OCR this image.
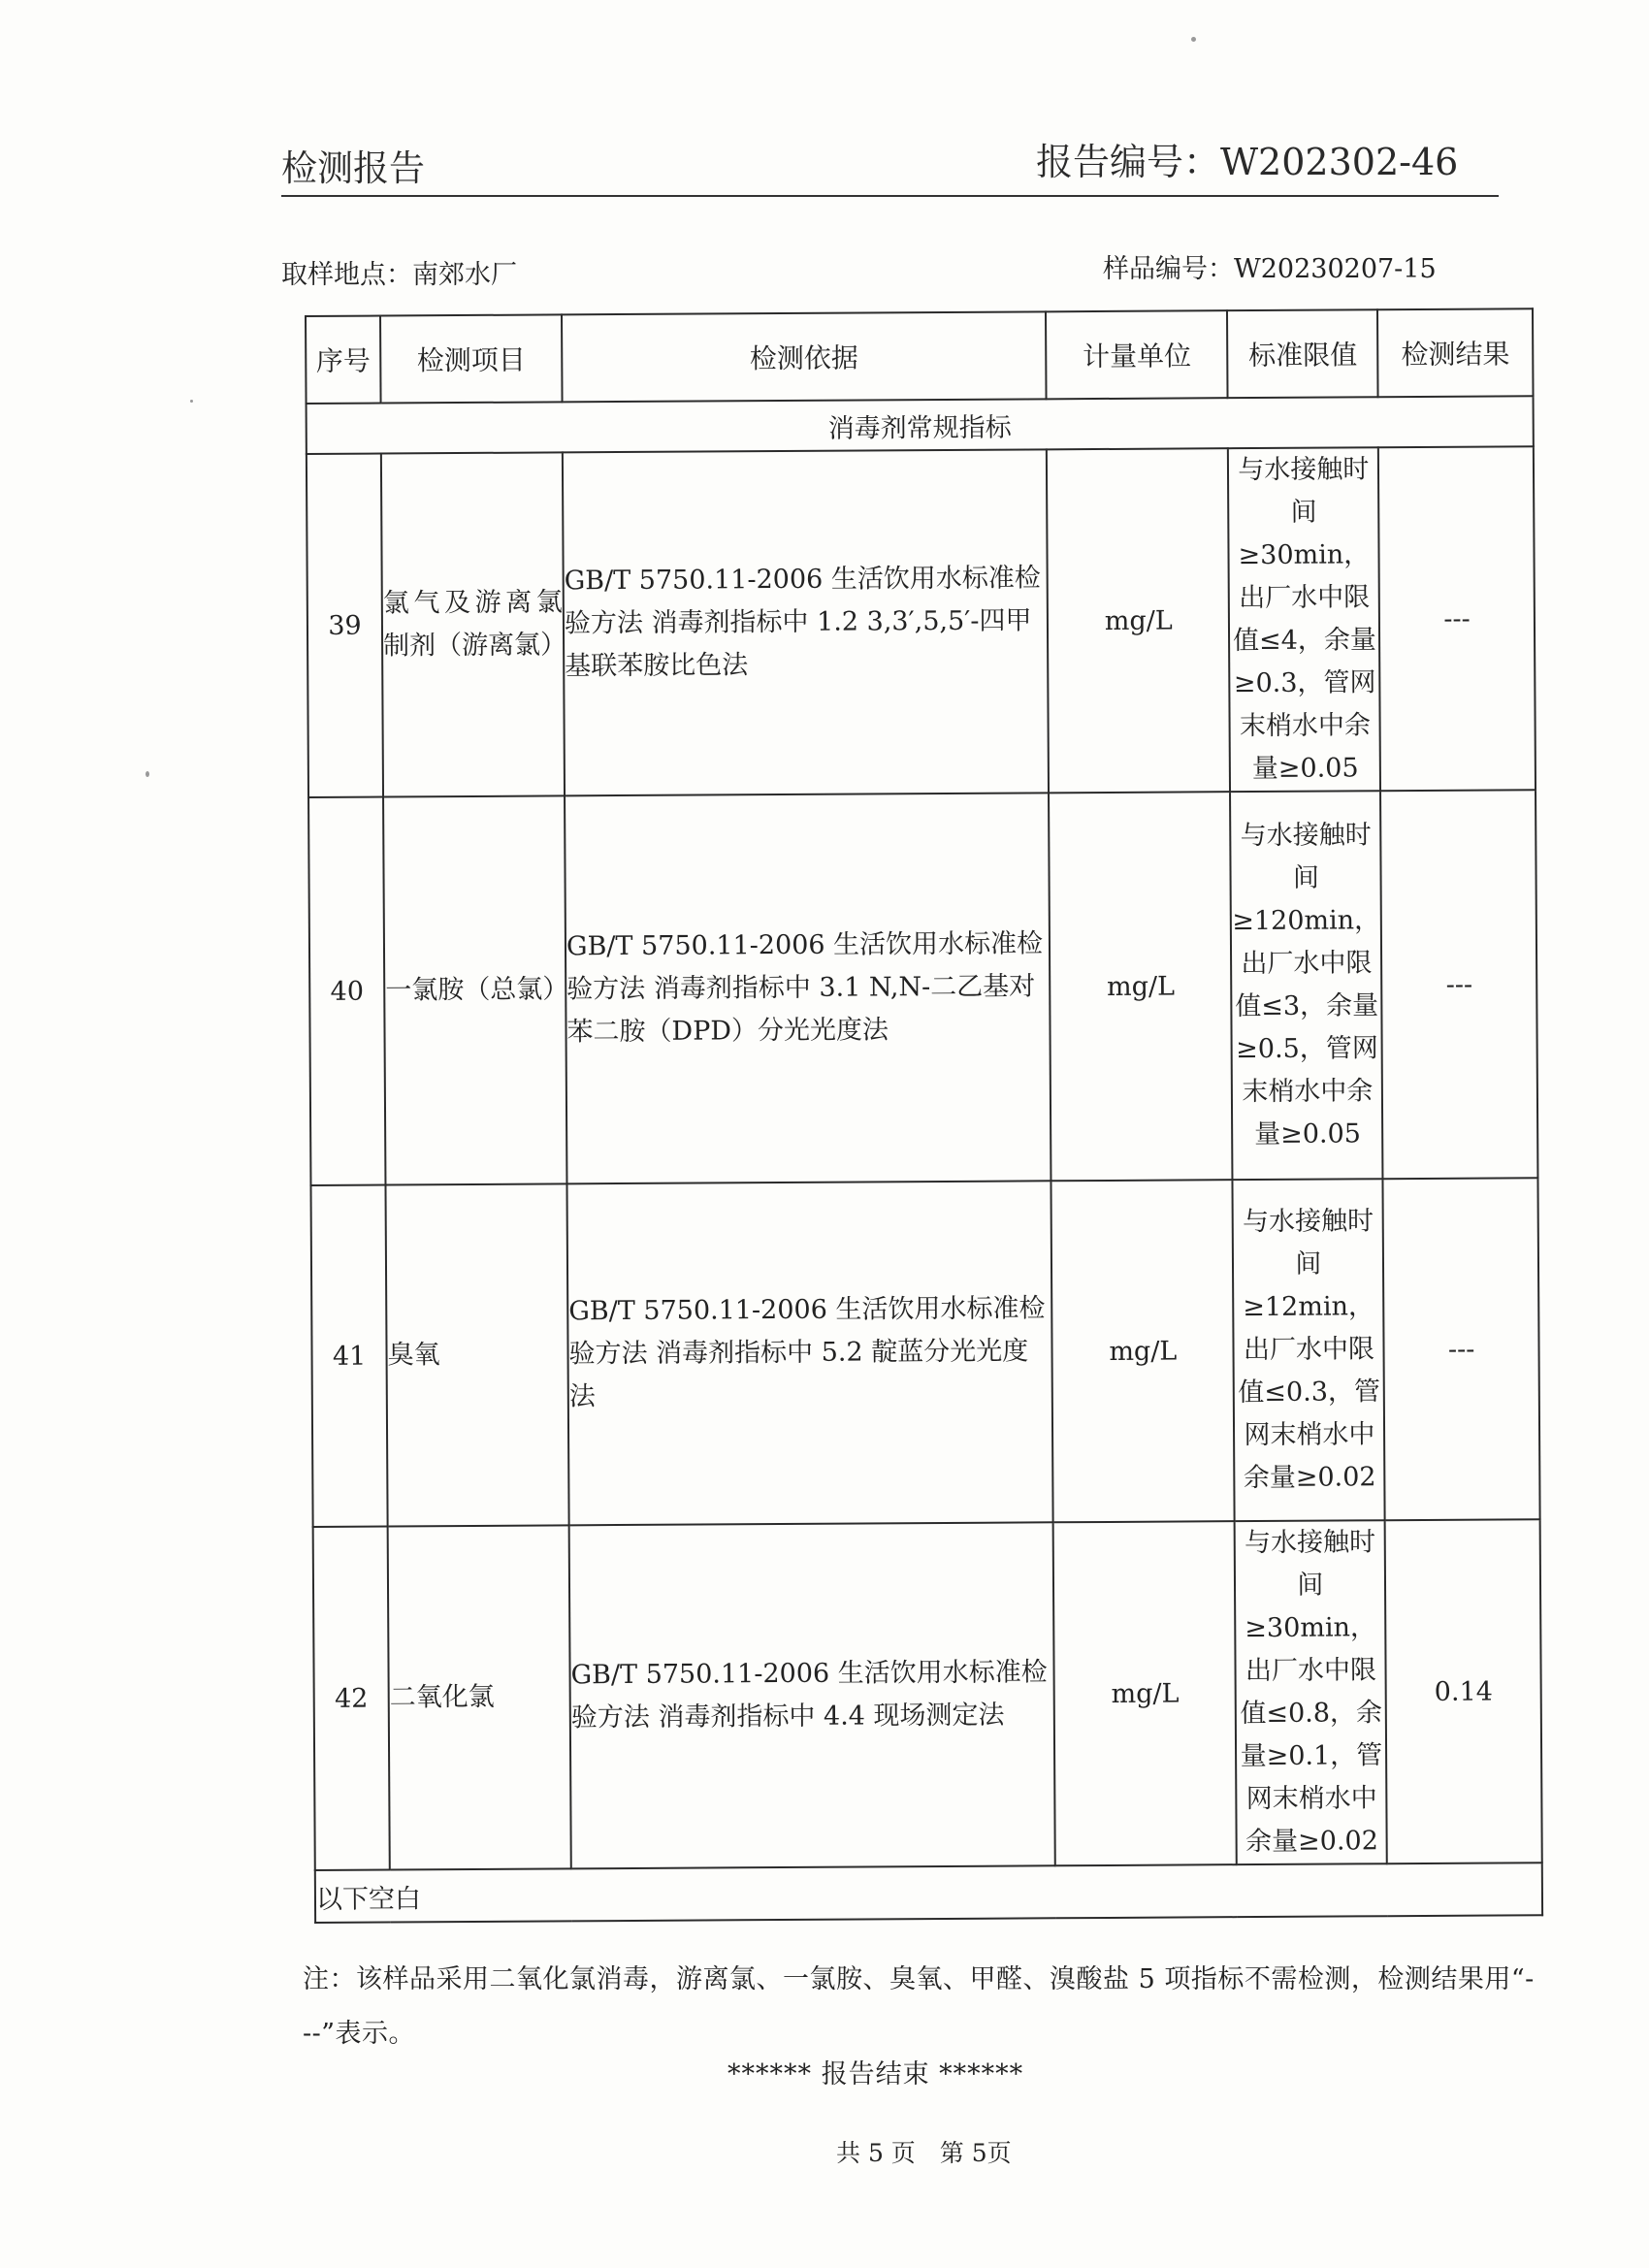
检测报告	报告编号：W202302-46
取样地点：南郊水厂	样品编号：W20230207-15
序号	检测项目	检测依据	计量单位	标准限值	检测结果
消毒剂常规指标					
39	氯气及游离氯制剂（游离氯）	GB/T 5750.11-2006 生活饮用水标准检验方法 消毒剂指标中 1.2 3,3′,5,5′-四甲基联苯胺比色法	mg/L	与水接触时间≥30min，出厂水中限值≤4，余量≥0.3，管网末梢水中余量≥0.05	---
40	一氯胺（总氯）	GB/T 5750.11-2006 生活饮用水标准检验方法 消毒剂指标中 3.1 N,N-二乙基对苯二胺（DPD）分光光度法	mg/L	与水接触时间≥120min，出厂水中限值≤3，余量≥0.5，管网末梢水中余量≥0.05	---
41	臭氧	GB/T 5750.11-2006 生活饮用水标准检验方法 消毒剂指标中 5.2 靛蓝分光光度法	mg/L	与水接触时间≥12min，出厂水中限值≤0.3，管网末梢水中余量≥0.02	---
42	二氧化氯	GB/T 5750.11-2006 生活饮用水标准检验方法 消毒剂指标中 4.4 现场测定法	mg/L	与水接触时间≥30min，出厂水中限值≤0.8，余量≥0.1，管网末梢水中余量≥0.02	0.14
以下空白					
注：该样品采用二氧化氯消毒，游离氯、一氯胺、臭氧、甲醛、溴酸盐 5 项指标不需检测，检测结果用“---”表示。
****** 报告结束 ******
共 5 页　第 5页
